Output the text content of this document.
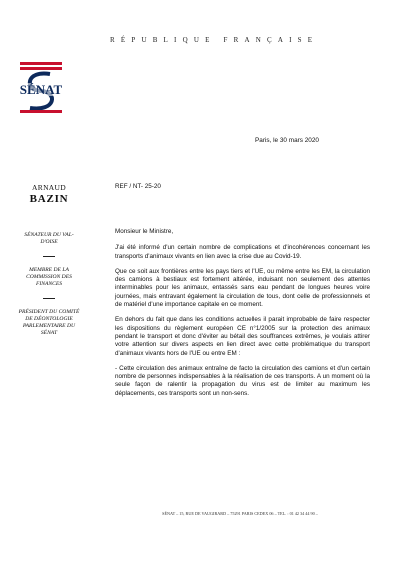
RÉPUBLIQUE FRANÇAISE
SÉNAT
Paris, le 30 mars 2020
ARNAUD
BAZIN
SÉNATEUR DU VAL-D'OISE
MEMBRE DE LA COMMISSION DES FINANCES
PRÉSIDENT DU COMITÉ DE DÉONTOLOGIE PARLEMENTAIRE DU SÉNAT
REF / NT- 25-20

Monsieur le Ministre,

J'ai été informé d'un certain nombre de complications et d'incohérences concernant les transports d'animaux vivants en lien avec la crise due au Covid-19.

Que ce soit aux frontières entre les pays tiers et l'UE, ou même entre les EM, la circulation des camions à bestiaux est fortement altérée, induisant non seulement des attentes interminables pour les animaux, entassés sans eau pendant de longues heures voire journées, mais entravant également la circulation de tous, dont celle de professionnels et de matériel d'une importance capitale en ce moment.

En dehors du fait que dans les conditions actuelles il parait improbable de faire respecter les dispositions du règlement européen CE n°1/2005 sur la protection des animaux pendant le transport et donc d'éviter au bétail des souffrances extrêmes, je voulais attirer votre attention sur divers aspects en lien direct avec cette problématique du transport d'animaux vivants hors de l'UE ou entre EM :

- Cette circulation des animaux entraîne de facto la circulation des camions et d'un certain nombre de personnes indispensables à la réalisation de ces transports. A un moment où la seule façon de ralentir la propagation du virus est de limiter au maximum les déplacements, ces transports sont un non-sens.

SÉNAT – 15, RUE DE VAUGIRARD – 75291 PARIS CEDEX 06 – TEL. : 01 42 34 44 90 –
